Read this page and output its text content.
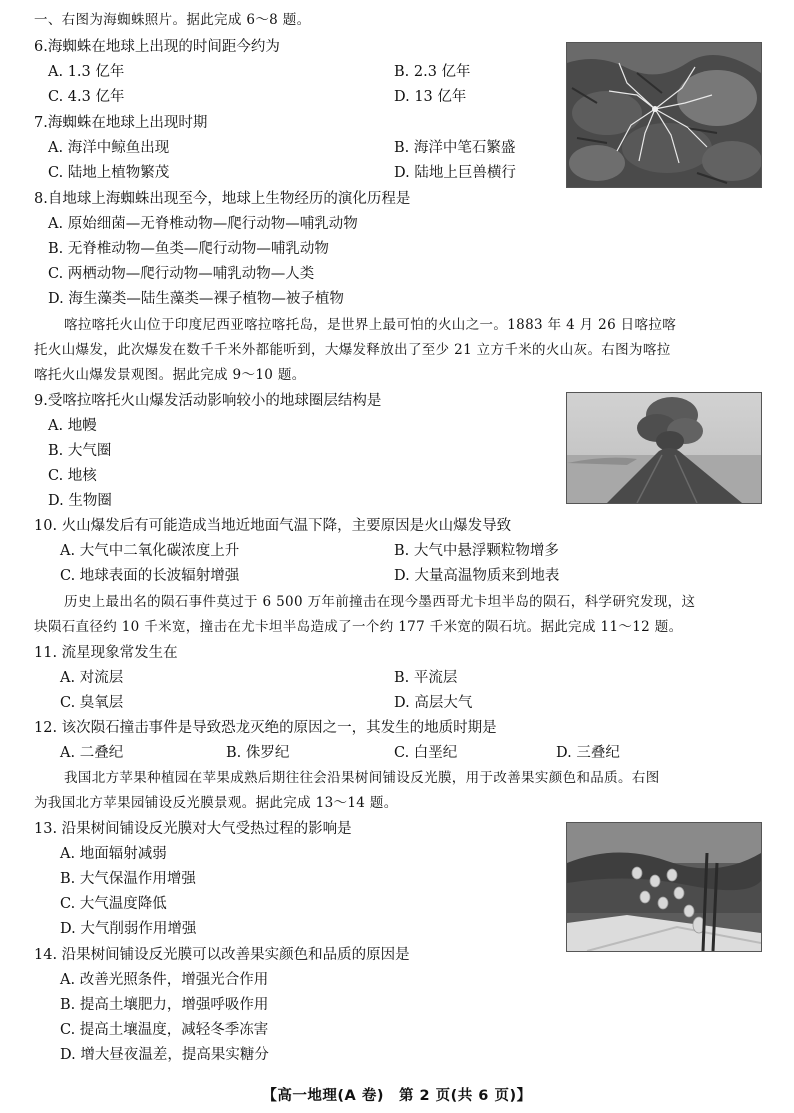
一、右图为海蜘蛛照片。据此完成 6～8 题。
6.海蜘蛛在地球上出现的时间距今约为
A. 1.3 亿年	B. 2.3 亿年
C. 4.3 亿年	D. 13 亿年
7.海蜘蛛在地球上出现时期
A. 海洋中鲸鱼出现	B. 海洋中笔石繁盛
C. 陆地上植物繁茂	D. 陆地上巨兽横行
8.自地球上海蜘蛛出现至今，地球上生物经历的演化历程是
A. 原始细菌—无脊椎动物—爬行动物—哺乳动物
B. 无脊椎动物—鱼类—爬行动物—哺乳动物
C. 两栖动物—爬行动物—哺乳动物—人类
D. 海生藻类—陆生藻类—裸子植物—被子植物
喀拉喀托火山位于印度尼西亚喀拉喀托岛，是世界上最可怕的火山之一。1883 年 4 月 26 日喀拉喀
托火山爆发，此次爆发在数千千米外都能听到，大爆发释放出了至少 21 立方千米的火山灰。右图为喀拉
喀托火山爆发景观图。据此完成 9～10 题。
9.受喀拉喀托火山爆发活动影响较小的地球圈层结构是
A. 地幔
B. 大气圈
C. 地核
D. 生物圈
10. 火山爆发后有可能造成当地近地面气温下降，主要原因是火山爆发导致
A. 大气中二氧化碳浓度上升	B. 大气中悬浮颗粒物增多
C. 地球表面的长波辐射增强	D. 大量高温物质来到地表
历史上最出名的陨石事件莫过于 6 500 万年前撞击在现今墨西哥尤卡坦半岛的陨石，科学研究发现，这
块陨石直径约 10 千米宽，撞击在尤卡坦半岛造成了一个约 177 千米宽的陨石坑。据此完成 11～12 题。
11. 流星现象常发生在
A. 对流层	B. 平流层
C. 臭氧层	D. 高层大气
12. 该次陨石撞击事件是导致恐龙灭绝的原因之一，其发生的地质时期是
A. 二叠纪	B. 侏罗纪	C. 白垩纪	D. 三叠纪
我国北方苹果种植园在苹果成熟后期往往会沿果树间铺设反光膜，用于改善果实颜色和品质。右图
为我国北方苹果园铺设反光膜景观。据此完成 13～14 题。
13. 沿果树间铺设反光膜对大气受热过程的影响是
A. 地面辐射减弱
B. 大气保温作用增强
C. 大气温度降低
D. 大气削弱作用增强
14. 沿果树间铺设反光膜可以改善果实颜色和品质的原因是
A. 改善光照条件，增强光合作用
B. 提高土壤肥力，增强呼吸作用
C. 提高土壤温度，减轻冬季冻害
D. 增大昼夜温差，提高果实糖分
【高一地理(A 卷)　第 2 页(共 6 页)】
